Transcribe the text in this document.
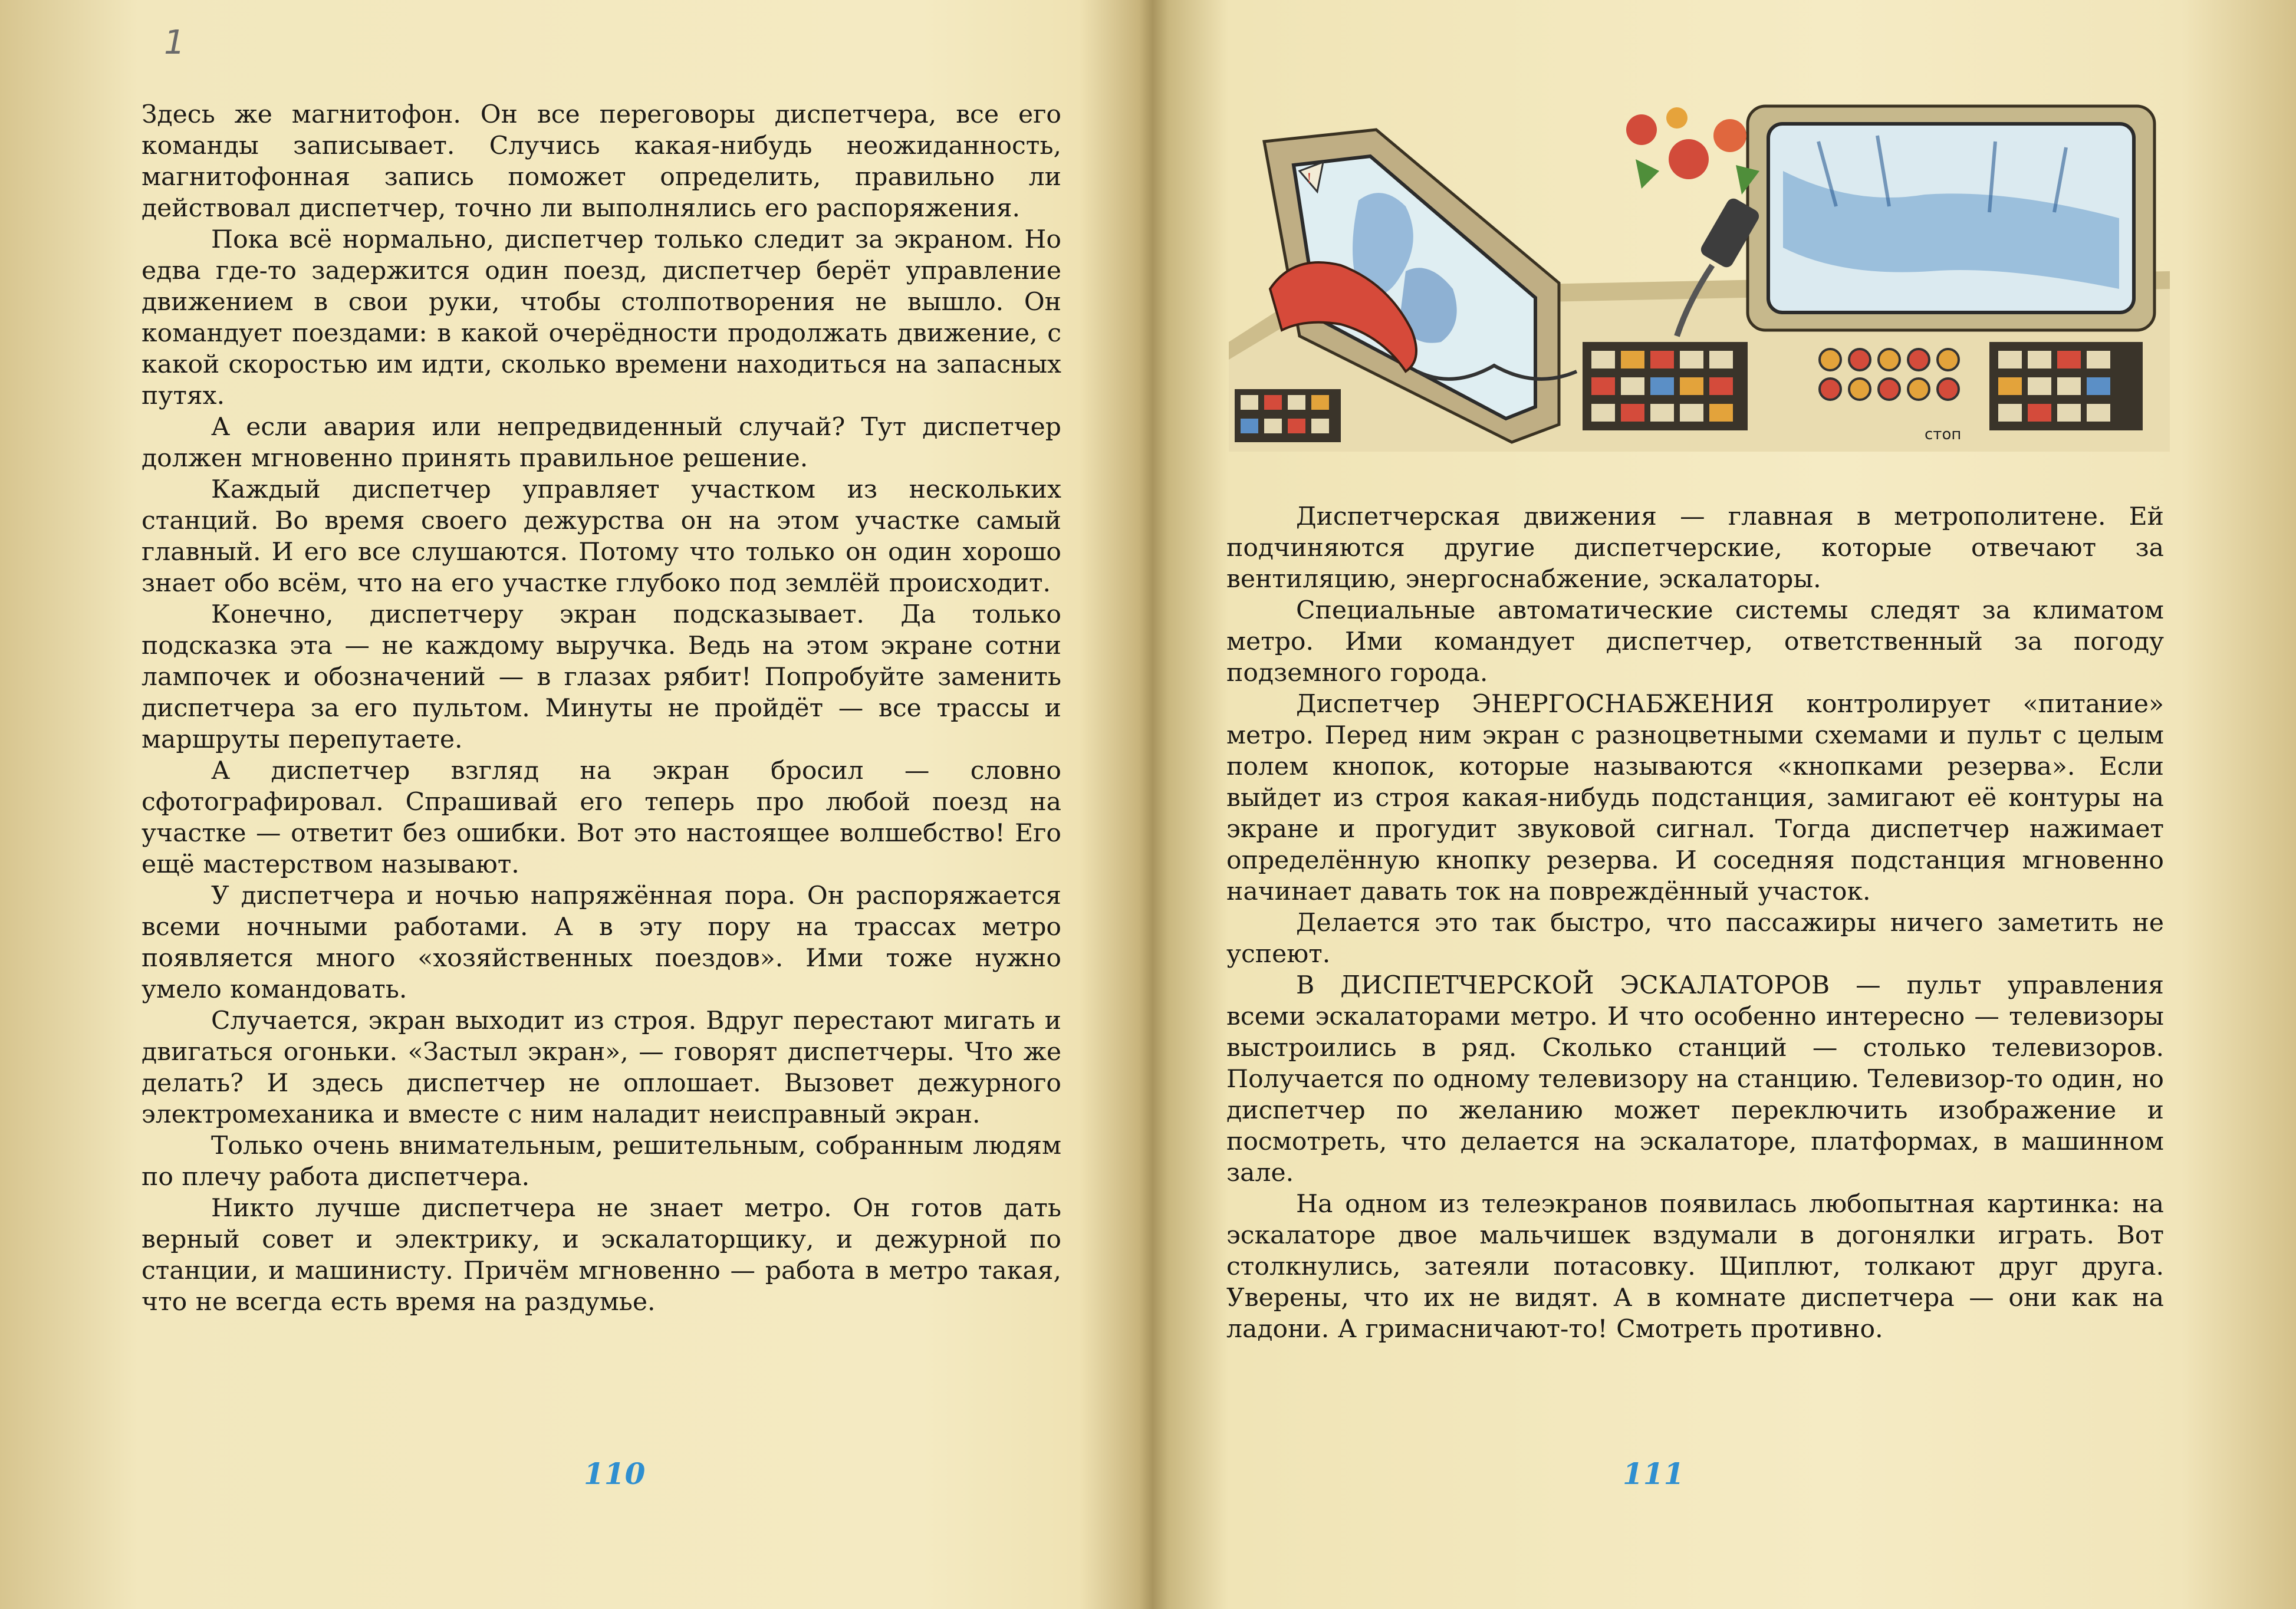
1

Здесь же магнитофон. Он все переговоры диспетчера, все его команды записывает. Случись какая-нибудь неожиданность, магнитофонная запись поможет определить, правильно ли действовал диспетчер, точно ли выполнялись его распоряжения.

Пока всё нормально, диспетчер только следит за экраном. Но едва где-то задержится один поезд, диспетчер берёт управление движением в свои руки, чтобы столпотворения не вышло. Он командует поездами: в какой очерёдности продолжать движение, с какой скоростью им идти, сколько времени находиться на запасных путях.

А если авария или непредвиденный случай? Тут диспетчер должен мгновенно принять правильное решение.

Каждый диспетчер управляет участком из нескольких станций. Во время своего дежурства он на этом участке самый главный. И его все слушаются. Потому что только он один хорошо знает обо всём, что на его участке глубоко под землёй происходит.

Конечно, диспетчеру экран подсказывает. Да только подсказка эта — не каждому выручка. Ведь на этом экране сотни лампочек и обозначений — в глазах рябит! Попробуйте заменить диспетчера за его пультом. Минуты не пройдёт — все трассы и маршруты перепутаете.

А диспетчер взгляд на экран бросил — словно сфотографировал. Спрашивай его теперь про любой поезд на участке — ответит без ошибки. Вот это настоящее волшебство! Его ещё мастерством называют.

У диспетчера и ночью напряжённая пора. Он распоряжается всеми ночными работами. А в эту пору на трассах метро появляется много «хозяйственных поездов». Ими тоже нужно умело командовать.

Случается, экран выходит из строя. Вдруг перестают мигать и двигаться огоньки. «Застыл экран», — говорят диспетчеры. Что же делать? И здесь диспетчер не оплошает. Вызовет дежурного электромеханика и вместе с ним наладит неисправный экран.

Только очень внимательным, решительным, собранным людям по плечу работа диспетчера.

Никто лучше диспетчера не знает метро. Он готов дать верный совет и электрику, и эскалаторщику, и дежурной по станции, и машинисту. Причём мгновенно — работа в метро такая, что не всегда есть время на раздумье.

110
!
стоп

Диспетчерская движения — главная в метрополитене. Ей подчиняются другие диспетчерские, которые отвечают за вентиляцию, энергоснабжение, эскалаторы.

Специальные автоматические системы следят за климатом метро. Ими командует диспетчер, ответственный за погоду подземного города.

Диспетчер ЭНЕРГОСНАБЖЕНИЯ контролирует «питание» метро. Перед ним экран с разноцветными схемами и пульт с целым полем кнопок, которые называются «кнопками резерва». Если выйдет из строя какая-нибудь подстанция, замигают её контуры на экране и прогудит звуковой сигнал. Тогда диспетчер нажимает определённую кнопку резерва. И соседняя подстанция мгновенно начинает давать ток на повреждённый участок.

Делается это так быстро, что пассажиры ничего заметить не успеют.

В ДИСПЕТЧЕРСКОЙ ЭСКАЛАТОРОВ — пульт управления всеми эскалаторами метро. И что особенно интересно — телевизоры выстроились в ряд. Сколько станций — столько телевизоров. Получается по одному телевизору на станцию. Телевизор-то один, но диспетчер по желанию может переключить изображение и посмотреть, что делается на эскалаторе, платформах, в машинном зале.

На одном из телеэкранов появилась любопытная картинка: на эскалаторе двое мальчишек вздумали в догонялки играть. Вот столкнулись, затеяли потасовку. Щиплют, толкают друг друга. Уверены, что их не видят. А в комнате диспетчера — они как на ладони. А гримасничают-то! Смотреть противно.

111
